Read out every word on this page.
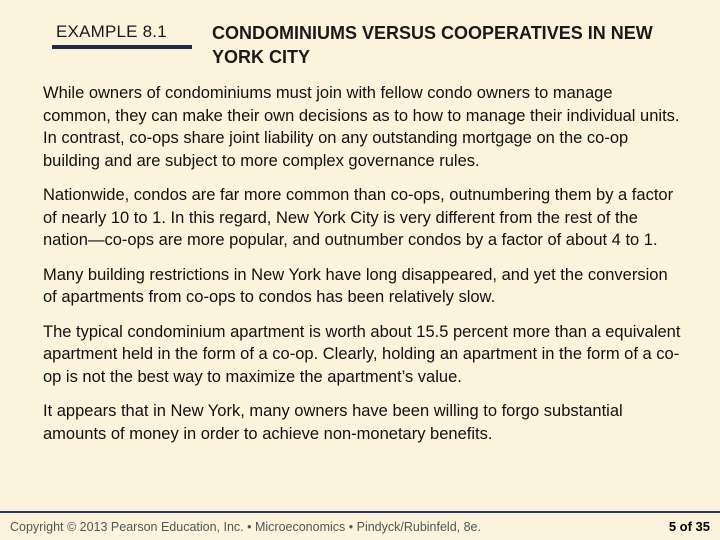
EXAMPLE 8.1	CONDOMINIUMS VERSUS COOPERATIVES IN NEW YORK CITY

While owners of condominiums must join with fellow condo owners to manage common, they can make their own decisions as to how to manage their individual units. In contrast, co-ops share joint liability on any outstanding mortgage on the co-op building and are subject to more complex governance rules.

Nationwide, condos are far more common than co-ops, outnumbering them by a factor of nearly 10 to 1. In this regard, New York City is very different from the rest of the nation—co-ops are more popular, and outnumber condos by a factor of about 4 to 1.

Many building restrictions in New York have long disappeared, and yet the conversion of apartments from co-ops to condos has been relatively slow.

The typical condominium apartment is worth about 15.5 percent more than a equivalent apartment held in the form of a co-op. Clearly, holding an apartment in the form of a co-op is not the best way to maximize the apartment’s value.

It appears that in New York, many owners have been willing to forgo substantial amounts of money in order to achieve non-monetary benefits.

Copyright © 2013 Pearson Education, Inc. • Microeconomics • Pindyck/Rubinfeld, 8e.	5 of 35
